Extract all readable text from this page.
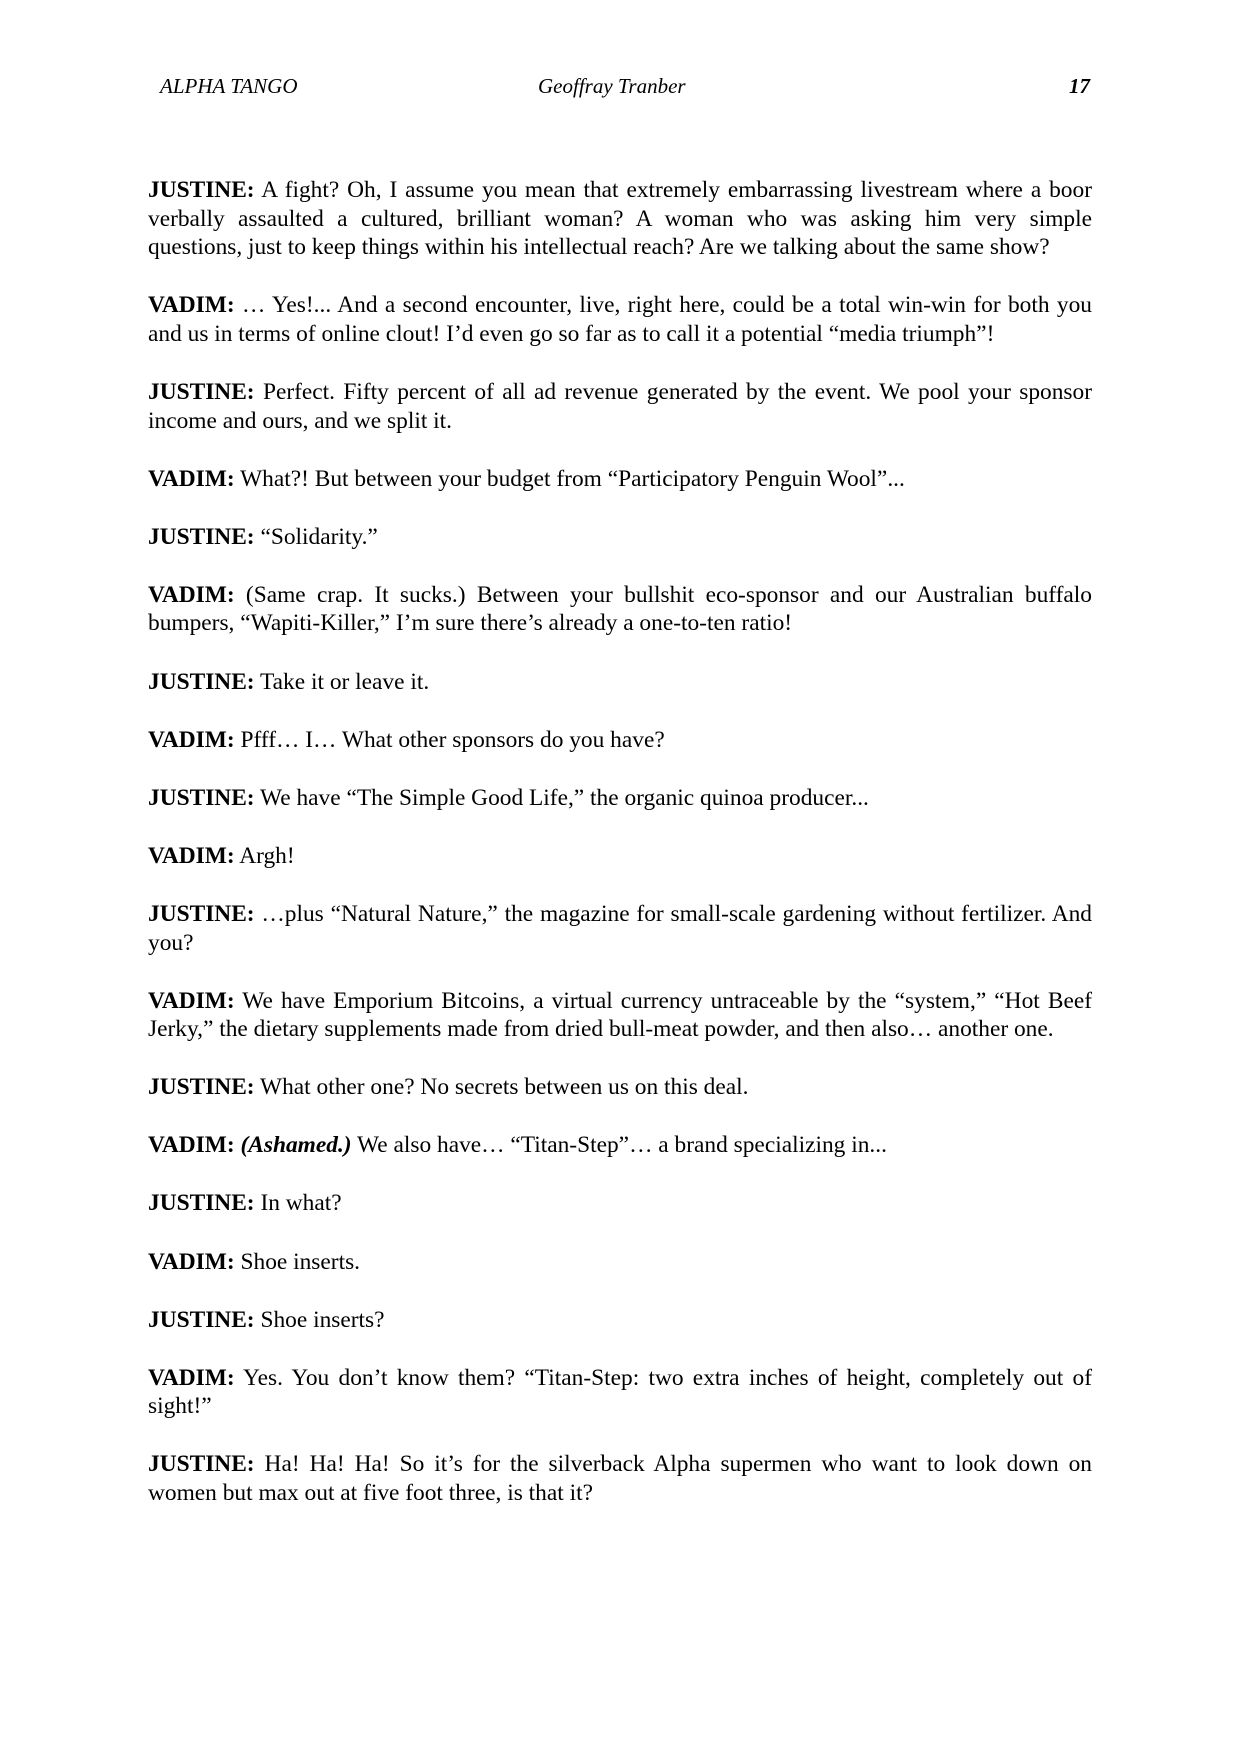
ALPHA TANGO	Geoffray Tranber	17

JUSTINE: A fight? Oh, I assume you mean that extremely embarrassing livestream where a boor verbally assaulted a cultured, brilliant woman? A woman who was asking him very simple questions, just to keep things within his intellectual reach? Are we talking about the same show?

VADIM: … Yes!... And a second encounter, live, right here, could be a total win-win for both you and us in terms of online clout! I’d even go so far as to call it a potential “media triumph”!

JUSTINE: Perfect. Fifty percent of all ad revenue generated by the event. We pool your sponsor income and ours, and we split it.

VADIM: What?! But between your budget from “Participatory Penguin Wool”...

JUSTINE: “Solidarity.”

VADIM: (Same crap. It sucks.) Between your bullshit eco-sponsor and our Australian buffalo bumpers, “Wapiti-Killer,” I’m sure there’s already a one-to-ten ratio!

JUSTINE: Take it or leave it.

VADIM: Pfff… I… What other sponsors do you have?

JUSTINE: We have “The Simple Good Life,” the organic quinoa producer...

VADIM: Argh!

JUSTINE: …plus “Natural Nature,” the magazine for small-scale gardening without fertilizer. And you?

VADIM: We have Emporium Bitcoins, a virtual currency untraceable by the “system,” “Hot Beef Jerky,” the dietary supplements made from dried bull-meat powder, and then also… another one.

JUSTINE: What other one? No secrets between us on this deal.

VADIM: (Ashamed.) We also have… “Titan-Step”… a brand specializing in...

JUSTINE: In what?

VADIM: Shoe inserts.

JUSTINE: Shoe inserts?

VADIM: Yes. You don’t know them? “Titan-Step: two extra inches of height, completely out of sight!”

JUSTINE: Ha! Ha! Ha! So it’s for the silverback Alpha supermen who want to look down on women but max out at five foot three, is that it?
